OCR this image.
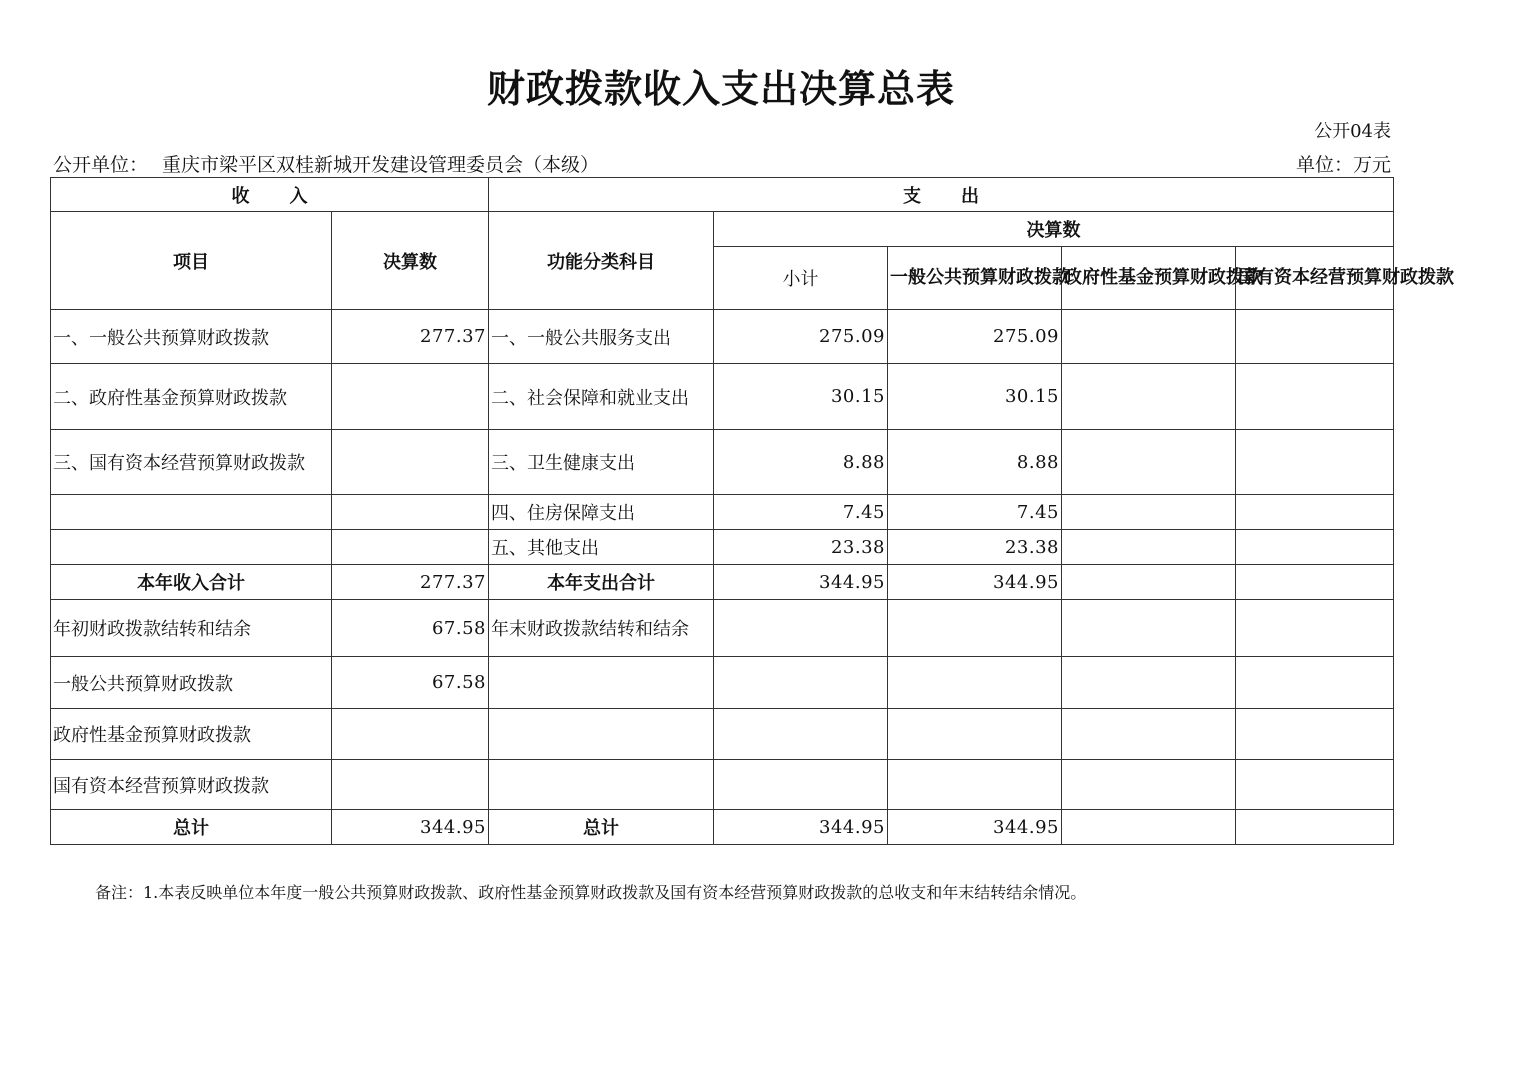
财政拨款收入支出决算总表
公开04表
公开单位： 重庆市梁平区双桂新城开发建设管理委员会（本级）	单位：万元
收入		支出				
项目	决算数	功能分类科目	决算数			
			小计	一般公共预算财政拨款	政府性基金预算财政拨款	国有资本经营预算财政拨款
一、一般公共预算财政拨款	277.37	一、一般公共服务支出	275.09	275.09		
二、政府性基金预算财政拨款		二、社会保障和就业支出	30.15	30.15		
三、国有资本经营预算财政拨款		三、卫生健康支出	8.88	8.88		
		四、住房保障支出	7.45	7.45		
		五、其他支出	23.38	23.38		
本年收入合计	277.37	本年支出合计	344.95	344.95		
年初财政拨款结转和结余	67.58	年末财政拨款结转和结余				
一般公共预算财政拨款	67.58					
政府性基金预算财政拨款						
国有资本经营预算财政拨款						
总计	344.95	总计	344.95	344.95		
备注：1.本表反映单位本年度一般公共预算财政拨款、政府性基金预算财政拨款及国有资本经营预算财政拨款的总收支和年末结转结余情况。
